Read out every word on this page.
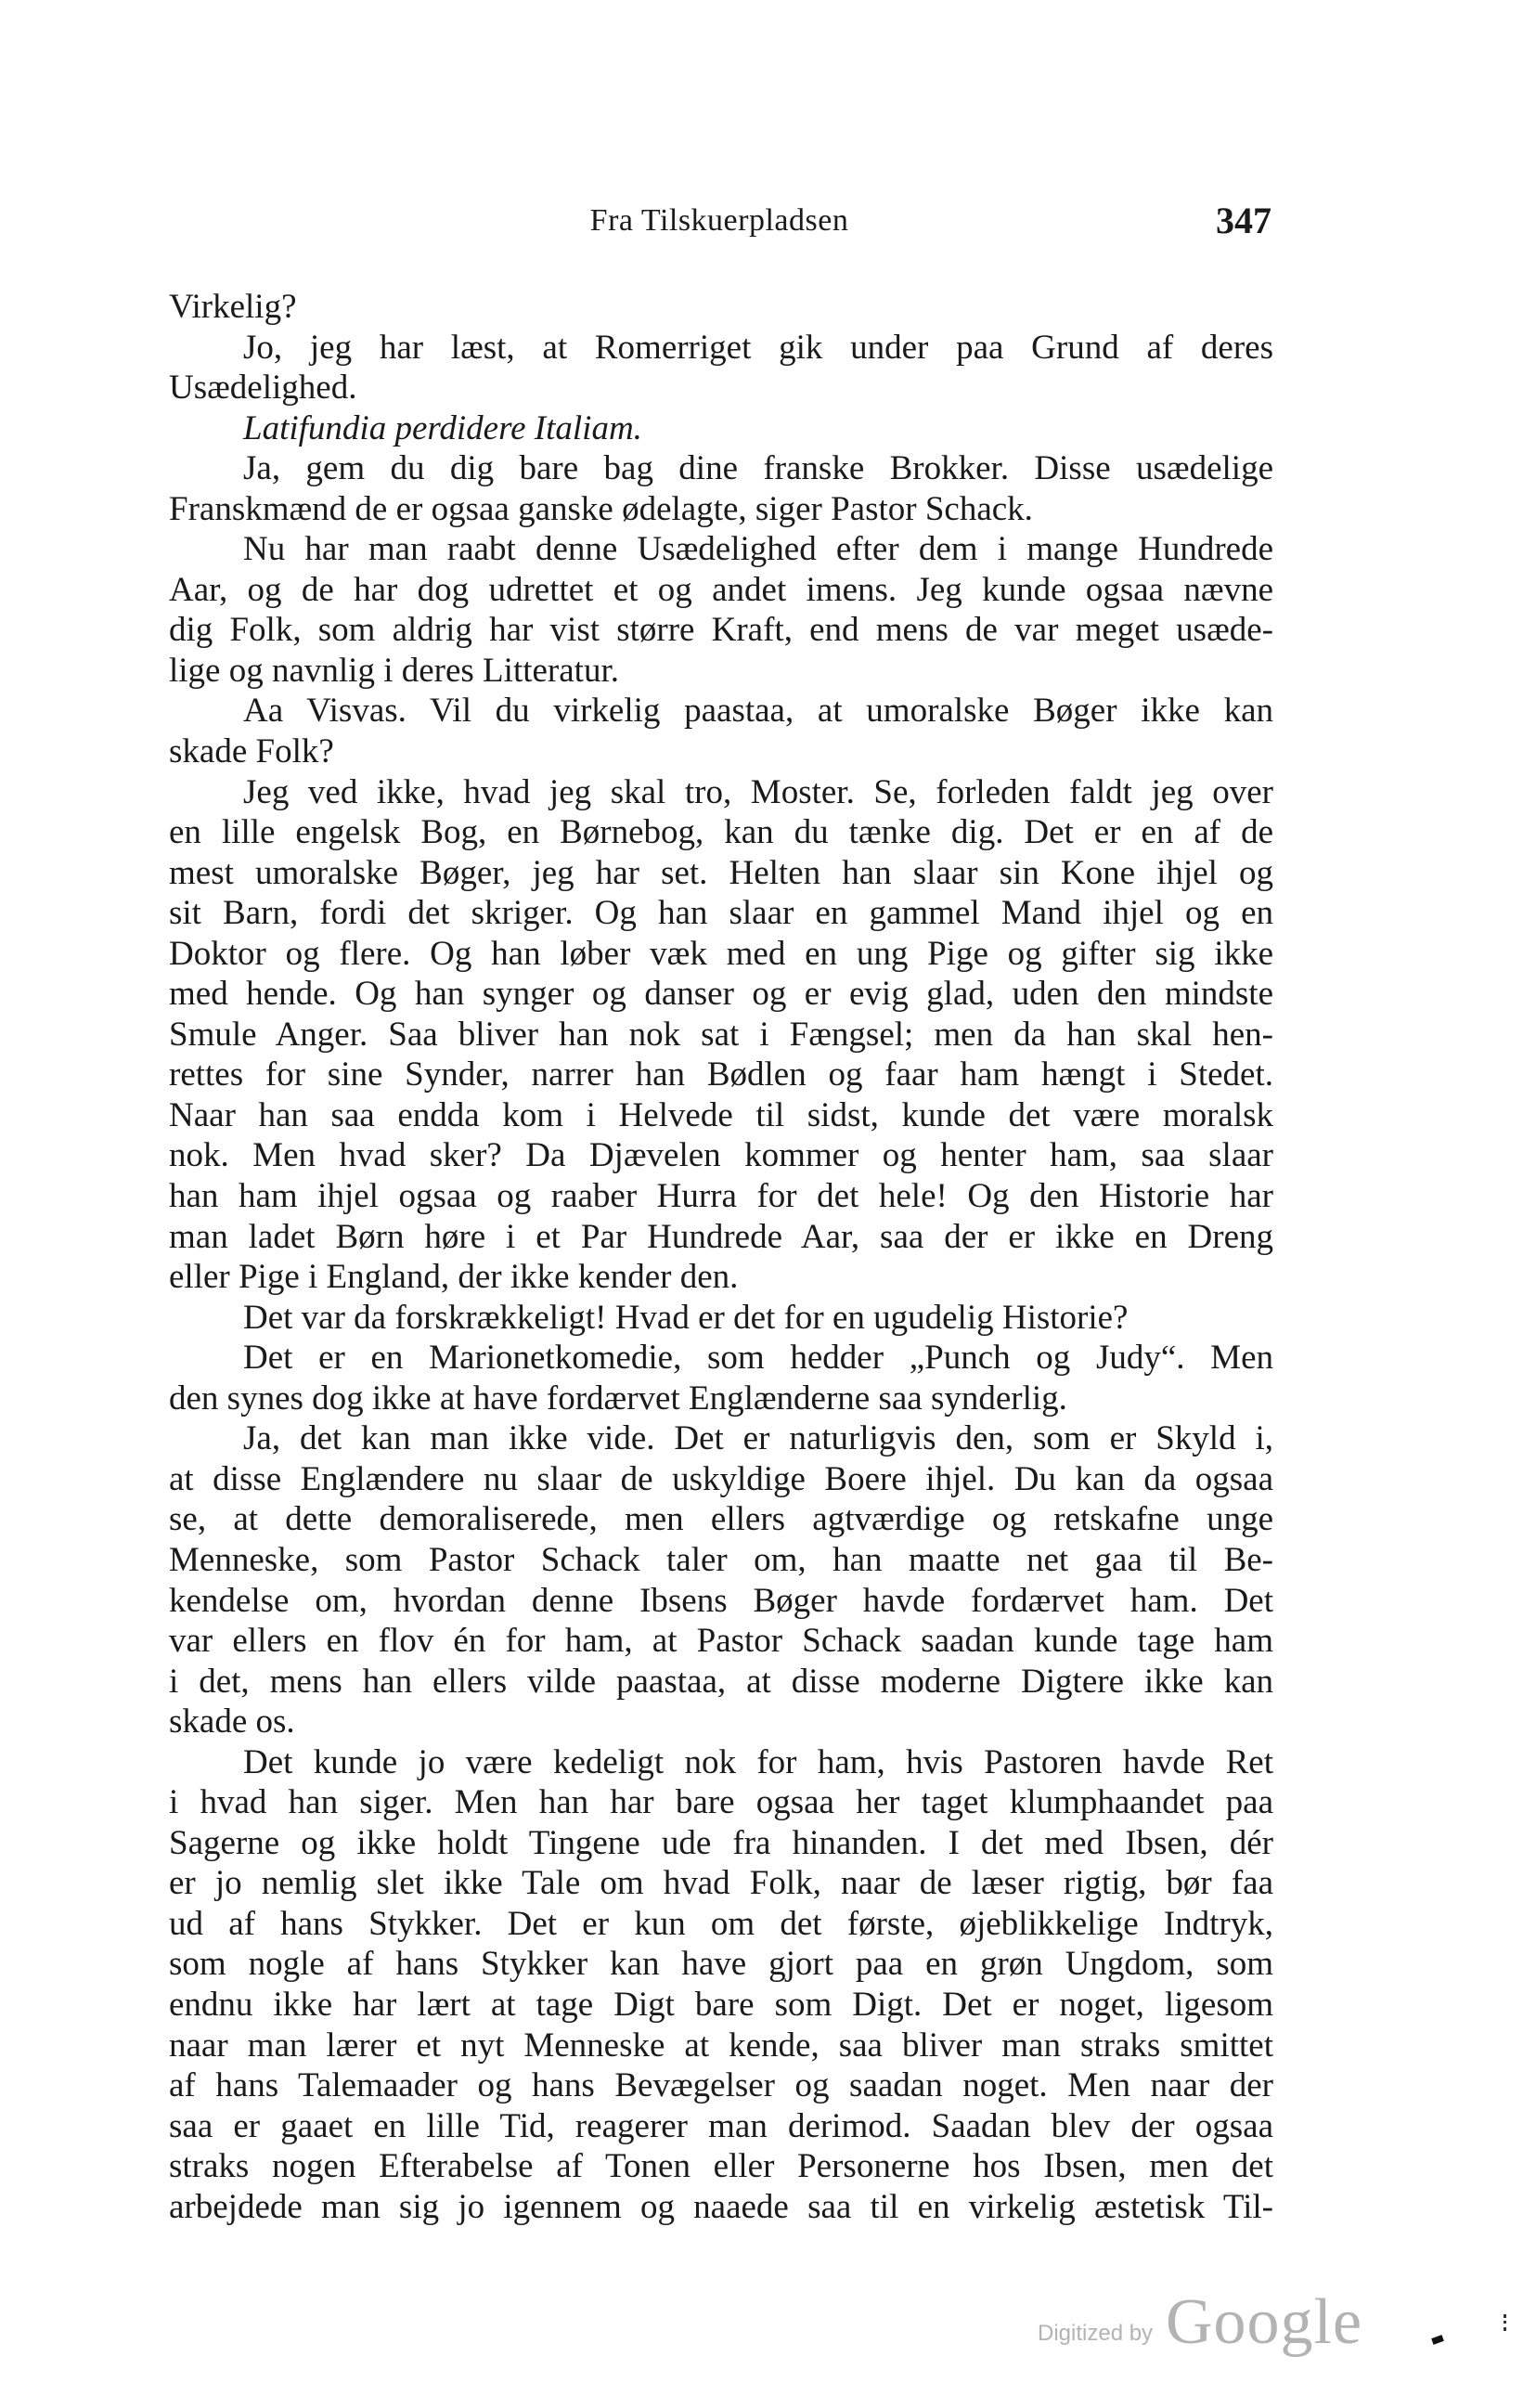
Fra Tilskuerpladsen	347
Virkelig?
Jo, jeg har læst, at Romerriget gik under paa Grund af deres
Usædelighed.
Latifundia perdidere Italiam.
Ja, gem du dig bare bag dine franske Brokker. Disse usædelige
Franskmænd de er ogsaa ganske ødelagte, siger Pastor Schack.
Nu har man raabt denne Usædelighed efter dem i mange Hundrede
Aar, og de har dog udrettet et og andet imens. Jeg kunde ogsaa nævne
dig Folk, som aldrig har vist større Kraft, end mens de var meget usæde-
lige og navnlig i deres Litteratur.
Aa Visvas. Vil du virkelig paastaa, at umoralske Bøger ikke kan
skade Folk?
Jeg ved ikke, hvad jeg skal tro, Moster. Se, forleden faldt jeg over
en lille engelsk Bog, en Børnebog, kan du tænke dig. Det er en af de
mest umoralske Bøger, jeg har set. Helten han slaar sin Kone ihjel og
sit Barn, fordi det skriger. Og han slaar en gammel Mand ihjel og en
Doktor og flere. Og han løber væk med en ung Pige og gifter sig ikke
med hende. Og han synger og danser og er evig glad, uden den mindste
Smule Anger. Saa bliver han nok sat i Fængsel; men da han skal hen-
rettes for sine Synder, narrer han Bødlen og faar ham hængt i Stedet.
Naar han saa endda kom i Helvede til sidst, kunde det være moralsk
nok. Men hvad sker? Da Djævelen kommer og henter ham, saa slaar
han ham ihjel ogsaa og raaber Hurra for det hele! Og den Historie har
man ladet Børn høre i et Par Hundrede Aar, saa der er ikke en Dreng
eller Pige i England, der ikke kender den.
Det var da forskrækkeligt! Hvad er det for en ugudelig Historie?
Det er en Marionetkomedie, som hedder „Punch og Judy“. Men
den synes dog ikke at have fordærvet Englænderne saa synderlig.
Ja, det kan man ikke vide. Det er naturligvis den, som er Skyld i,
at disse Englændere nu slaar de uskyldige Boere ihjel. Du kan da ogsaa
se, at dette demoraliserede, men ellers agtværdige og retskafne unge
Menneske, som Pastor Schack taler om, han maatte net gaa til Be-
kendelse om, hvordan denne Ibsens Bøger havde fordærvet ham. Det
var ellers en flov én for ham, at Pastor Schack saadan kunde tage ham
i det, mens han ellers vilde paastaa, at disse moderne Digtere ikke kan
skade os.
Det kunde jo være kedeligt nok for ham, hvis Pastoren havde Ret
i hvad han siger. Men han har bare ogsaa her taget klumphaandet paa
Sagerne og ikke holdt Tingene ude fra hinanden. I det med Ibsen, dér
er jo nemlig slet ikke Tale om hvad Folk, naar de læser rigtig, bør faa
ud af hans Stykker. Det er kun om det første, øjeblikkelige Indtryk,
som nogle af hans Stykker kan have gjort paa en grøn Ungdom, som
endnu ikke har lært at tage Digt bare som Digt. Det er noget, ligesom
naar man lærer et nyt Menneske at kende, saa bliver man straks smittet
af hans Talemaader og hans Bevægelser og saadan noget. Men naar der
saa er gaaet en lille Tid, reagerer man derimod. Saadan blev der ogsaa
straks nogen Efterabelse af Tonen eller Personerne hos Ibsen, men det
arbejdede man sig jo igennem og naaede saa til en virkelig æstetisk Til-
Digitized by Google
